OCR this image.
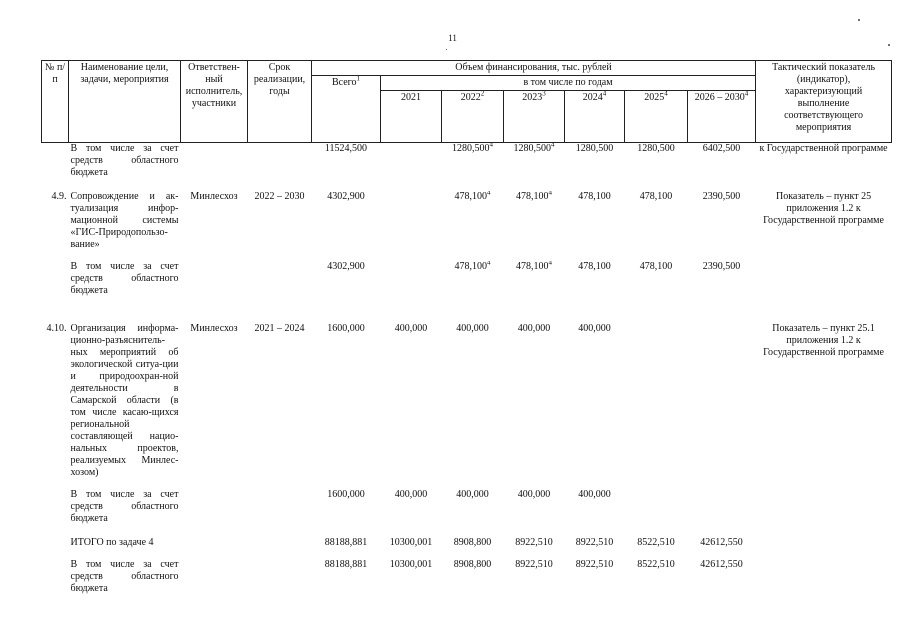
11
№ п/п	Наименование цели, задачи, мероприятия	Ответствен-ный исполнитель, участники	Срок реализации, годы	Объем финансирования, тыс. рублей							Тактический показатель (индикатор), характеризующий выполнение соответствующего мероприятия
				Всего$^1$	в том числе по годам						
					2021	2022$^2$	2023$^3$	2024$^4$	2025$^4$	2026 – 2030$^4$
	В том числе за счет средств областного бюджета			11524,500		1280,500$^4$	1280,500$^4$	1280,500	1280,500	6402,500	к Государственной программе

4.9.	Сопровождение и ак-туализация инфор-мационной системы «ГИС-Природопользо-вание»	Минлесхоз	2022 – 2030	4302,900		478,100$^4$	478,100$^4$	478,100	478,100	2390,500	Показатель – пункт 25 приложения 1.2 к Государственной программе

	В том числе за счет средств областного бюджета			4302,900		478,100$^4$	478,100$^4$	478,100	478,100	2390,500	

4.10.	Организация информа-ционно-разъяснитель-ных мероприятий об экологической ситуа-ции и природоохран-ной деятельности в Самарской области (в том числе касаю-щихся региональной составляющей нацио-нальных проектов, реализуемых Минлес-хозом)	Минлесхоз	2021 – 2024	1600,000	400,000	400,000	400,000	400,000			Показатель – пункт 25.1 приложения 1.2 к Государственной программе

	В том числе за счет средств областного бюджета			1600,000	400,000	400,000	400,000	400,000			

	ИТОГО по задаче 4			88188,881	10300,001	8908,800	8922,510	8922,510	8522,510	42612,550	

	В том числе за счет средств областного бюджета			88188,881	10300,001	8908,800	8922,510	8922,510	8522,510	42612,550	
